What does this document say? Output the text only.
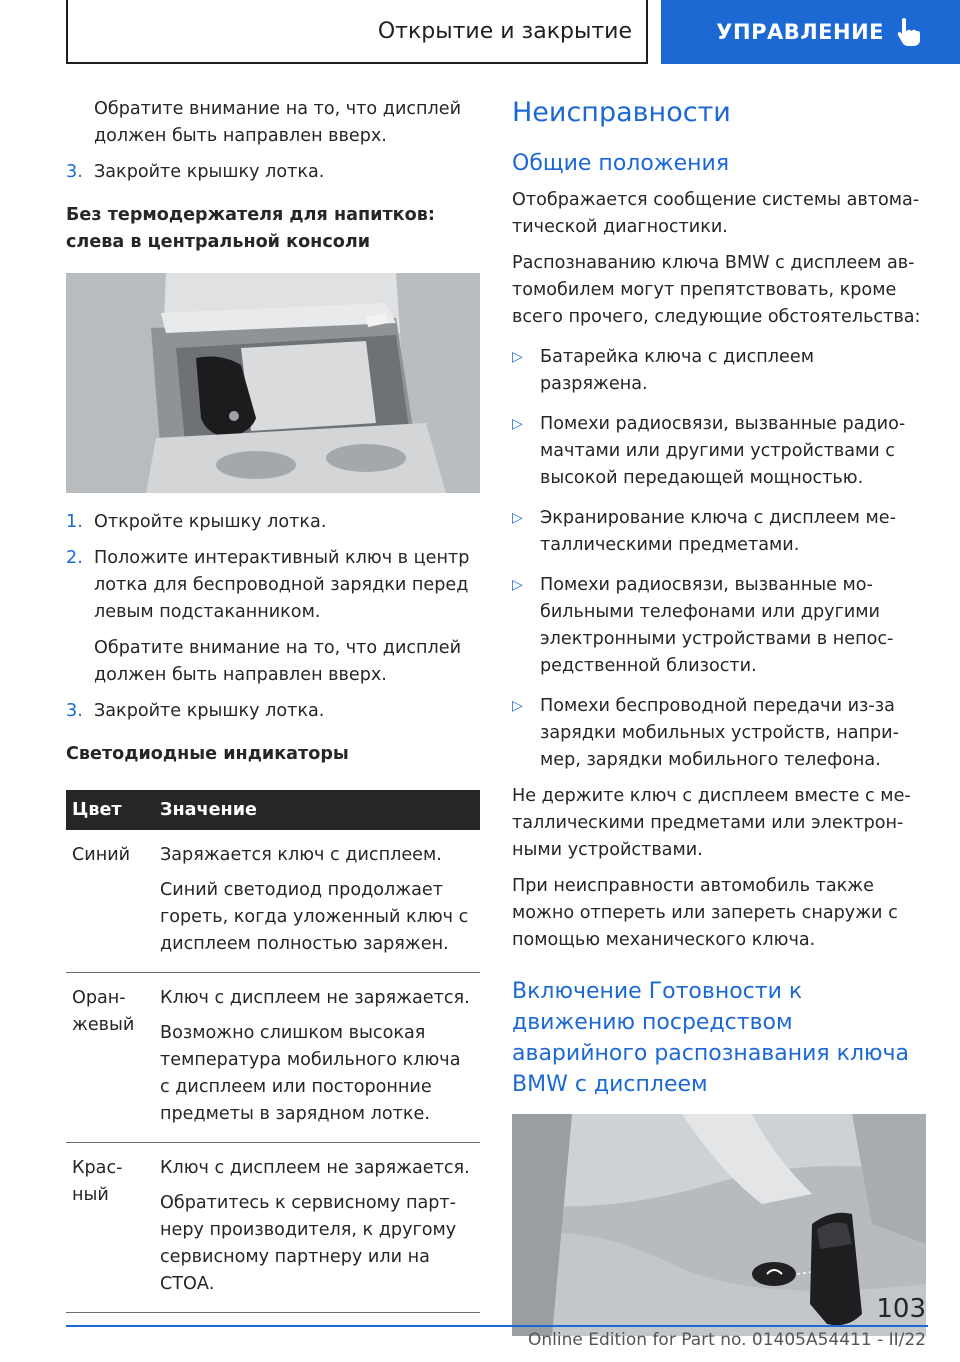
Открытие и закрытие	УПРАВЛЕНИЕ

Обратите внимание на то, что дисплей должен быть направлен вверх.

3. Закройте крышку лотка.

Без термодержателя для напитков: слева в центральной консоли

1. Откройте крышку лотка.

2. Положите интерактивный ключ в центр лотка для беспроводной зарядки перед левым подстаканником.

Обратите внимание на то, что дисплей должен быть направлен вверх.

3. Закройте крышку лотка.

Светодиодные индикаторы

Цвет	Значение

Синий	Заряжается ключ с дисплеем.

Синий светодиод продолжает гореть, когда уложенный ключ с дисплеем полностью заряжен.

Оран-жевый	Ключ с дисплеем не заряжается.

Возможно слишком высокая температура мобильного ключа с дисплеем или посторонние предметы в зарядном лотке.

Крас-ный	Ключ с дисплеем не заряжается.

Обратитесь к сервисному парт-неру производителя, к другому сервисному партнеру или на СТОА.

Неисправности
Общие положения

Отображается сообщение системы автома-тической диагностики.

Распознаванию ключа BMW с дисплеем ав-томобилем могут препятствовать, кроме всего прочего, следующие обстоятельства:

▷ Батарейка ключа с дисплеем разряжена.

▷ Помехи радиосвязи, вызванные радио-мачтами или другими устройствами с высокой передающей мощностью.

▷ Экранирование ключа с дисплеем ме-таллическими предметами.

▷ Помехи радиосвязи, вызванные мо-бильными телефонами или другими электронными устройствами в непос-редственной близости.

▷ Помехи беспроводной передачи из-за зарядки мобильных устройств, напри-мер, зарядки мобильного телефона.

Не держите ключ с дисплеем вместе с ме-таллическими предметами или электрон-ными устройствами.

При неисправности автомобиль также можно отпереть или запереть снаружи с помощью механического ключа.

Включение Готовности к движению посредством аварийного распознавания ключа BMW с дисплеем
103
Online Edition for Part no. 01405A54411 - II/22
